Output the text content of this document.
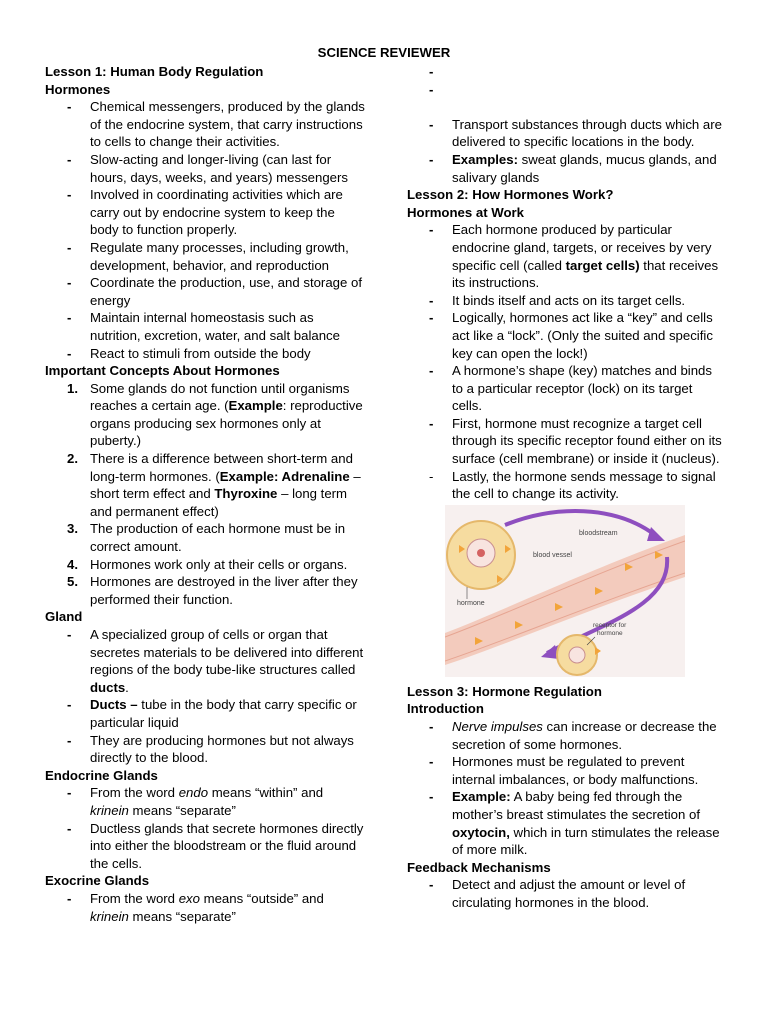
SCIENCE REVIEWER
Lesson 1: Human Body Regulation
Hormones
- Chemical messengers, produced by the glands of the endocrine system, that carry instructions to cells to change their activities.
- Slow-acting and longer-living (can last for hours, days, weeks, and years) messengers
- Involved in coordinating activities which are carry out by endocrine system to keep the body to function properly.
- Regulate many processes, including growth, development, behavior, and reproduction
- Coordinate the production, use, and storage of energy
- Maintain internal homeostasis such as nutrition, excretion, water, and salt balance
- React to stimuli from outside the body
Important Concepts About Hormones
1. Some glands do not function until organisms reaches a certain age. (Example: reproductive organs producing sex hormones only at puberty.)
2. There is a difference between short-term and long-term hormones. (Example: Adrenaline – short term effect and Thyroxine – long term and permanent effect)
3. The production of each hormone must be in correct amount.
4. Hormones work only at their cells or organs.
5. Hormones are destroyed in the liver after they performed their function.
Gland
- A specialized group of cells or organ that secretes materials to be delivered into different regions of the body tube-like structures called ducts.
- Ducts – tube in the body that carry specific or particular liquid
- They are producing hormones but not always directly to the blood.
Endocrine Glands
- From the word endo means “within” and krinein means “separate”
- Ductless glands that secrete hormones directly into either the bloodstream or the fluid around the cells.
Exocrine Glands
- From the word exo means “outside” and krinein means “separate”
-
-
- Transport substances through ducts which are delivered to specific locations in the body.
- Examples: sweat glands, mucus glands, and salivary glands
Lesson 2: How Hormones Work?
Hormones at Work
- Each hormone produced by particular endocrine gland, targets, or receives by very specific cell (called target cells) that receives its instructions.
- It binds itself and acts on its target cells.
- Logically, hormones act like a “key” and cells act like a “lock”. (Only the suited and specific key can open the lock!)
- A hormone’s shape (key) matches and binds to a particular receptor (lock) on its target cells.
- First, hormone must recognize a target cell through its specific receptor found either on its surface (cell membrane) or inside it (nucleus).
- Lastly, the hormone sends message to signal the cell to change its activity.
bloodstream
blood vessel
hormone
receptor for
hormone
Lesson 3: Hormone Regulation
Introduction
- Nerve impulses can increase or decrease the secretion of some hormones.
- Hormones must be regulated to prevent internal imbalances, or body malfunctions.
- Example: A baby being fed through the mother’s breast stimulates the secretion of oxytocin, which in turn stimulates the release of more milk.
Feedback Mechanisms
- Detect and adjust the amount or level of circulating hormones in the blood.
